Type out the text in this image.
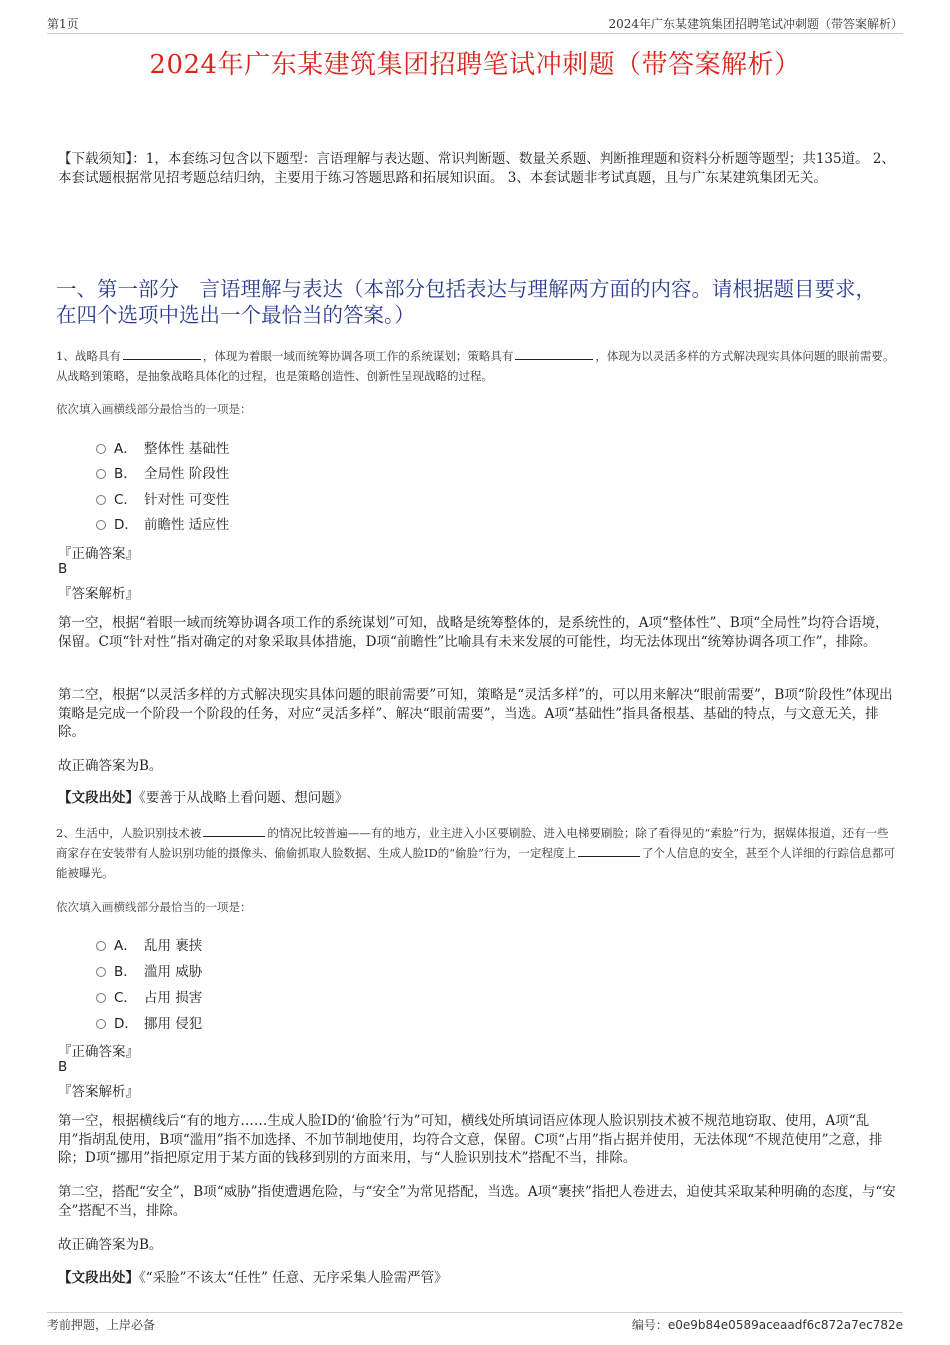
第1页	2024年广东某建筑集团招聘笔试冲刺题（带答案解析）
2024年广东某建筑集团招聘笔试冲刺题（带答案解析）
【下载须知】：1，本套练习包含以下题型：言语理解与表达题、常识判断题、数量关系题、判断推理题和资料分析题等题型；共135道。 2、本套试题根据常见招考题总结归纳，主要用于练习答题思路和拓展知识面。 3、本套试题非考试真题，且与广东某建筑集团无关。
一、第一部分　言语理解与表达（本部分包括表达与理解两方面的内容。请根据题目要求，在四个选项中选出一个最恰当的答案。）
1、战略具有	，体现为着眼一域而统筹协调各项工作的系统谋划；策略具有	，体现为以灵活多样的方式解决现实具体问题的眼前需要。从战略到策略，是抽象战略具体化的过程，也是策略创造性、创新性呈现战略的过程。
依次填入画横线部分最恰当的一项是：
A． 整体性 基础性
B． 全局性 阶段性
C． 针对性 可变性
D． 前瞻性 适应性
『正确答案』
B
『答案解析』
第一空，根据“着眼一域而统筹协调各项工作的系统谋划”可知，战略是统筹整体的，是系统性的，A项“整体性”、B项“全局性”均符合语境，保留。C项“针对性”指对确定的对象采取具体措施，D项“前瞻性”比喻具有未来发展的可能性，均无法体现出“统筹协调各项工作”，排除。
第二空，根据“以灵活多样的方式解决现实具体问题的眼前需要”可知，策略是“灵活多样”的，可以用来解决“眼前需要”，B项“阶段性”体现出策略是完成一个阶段一个阶段的任务，对应“灵活多样”、解决“眼前需要”，当选。A项“基础性”指具备根基、基础的特点，与文意无关，排除。
故正确答案为B。
【文段出处】《要善于从战略上看问题、想问题》
2、生活中，人脸识别技术被	的情况比较普遍——有的地方，业主进入小区要刷脸、进入电梯要刷脸；除了看得见的“索脸”行为，据媒体报道，还有一些商家存在安装带有人脸识别功能的摄像头、偷偷抓取人脸数据、生成人脸ID的“偷脸”行为，一定程度上	了个人信息的安全，甚至个人详细的行踪信息都可能被曝光。
依次填入画横线部分最恰当的一项是：
A． 乱用 裹挟
B． 滥用 威胁
C． 占用 损害
D． 挪用 侵犯
『正确答案』
B
『答案解析』
第一空，根据横线后“有的地方……生成人脸ID的‘偷脸’行为”可知，横线处所填词语应体现人脸识别技术被不规范地窃取、使用，A项“乱用”指胡乱使用，B项“滥用”指不加选择、不加节制地使用，均符合文意，保留。C项“占用”指占据并使用，无法体现“不规范使用”之意，排除；D项“挪用”指把原定用于某方面的钱移到别的方面来用，与“人脸识别技术”搭配不当，排除。
第二空，搭配“安全”，B项“威胁”指使遭遇危险，与“安全”为常见搭配，当选。A项“裹挟”指把人卷进去，迫使其采取某种明确的态度，与“安全”搭配不当，排除。
故正确答案为B。
【文段出处】《“采脸”不该太“任性” 任意、无序采集人脸需严管》
考前押题，上岸必备	编号：e0e9b84e0589aceaadf6c872a7ec782e
